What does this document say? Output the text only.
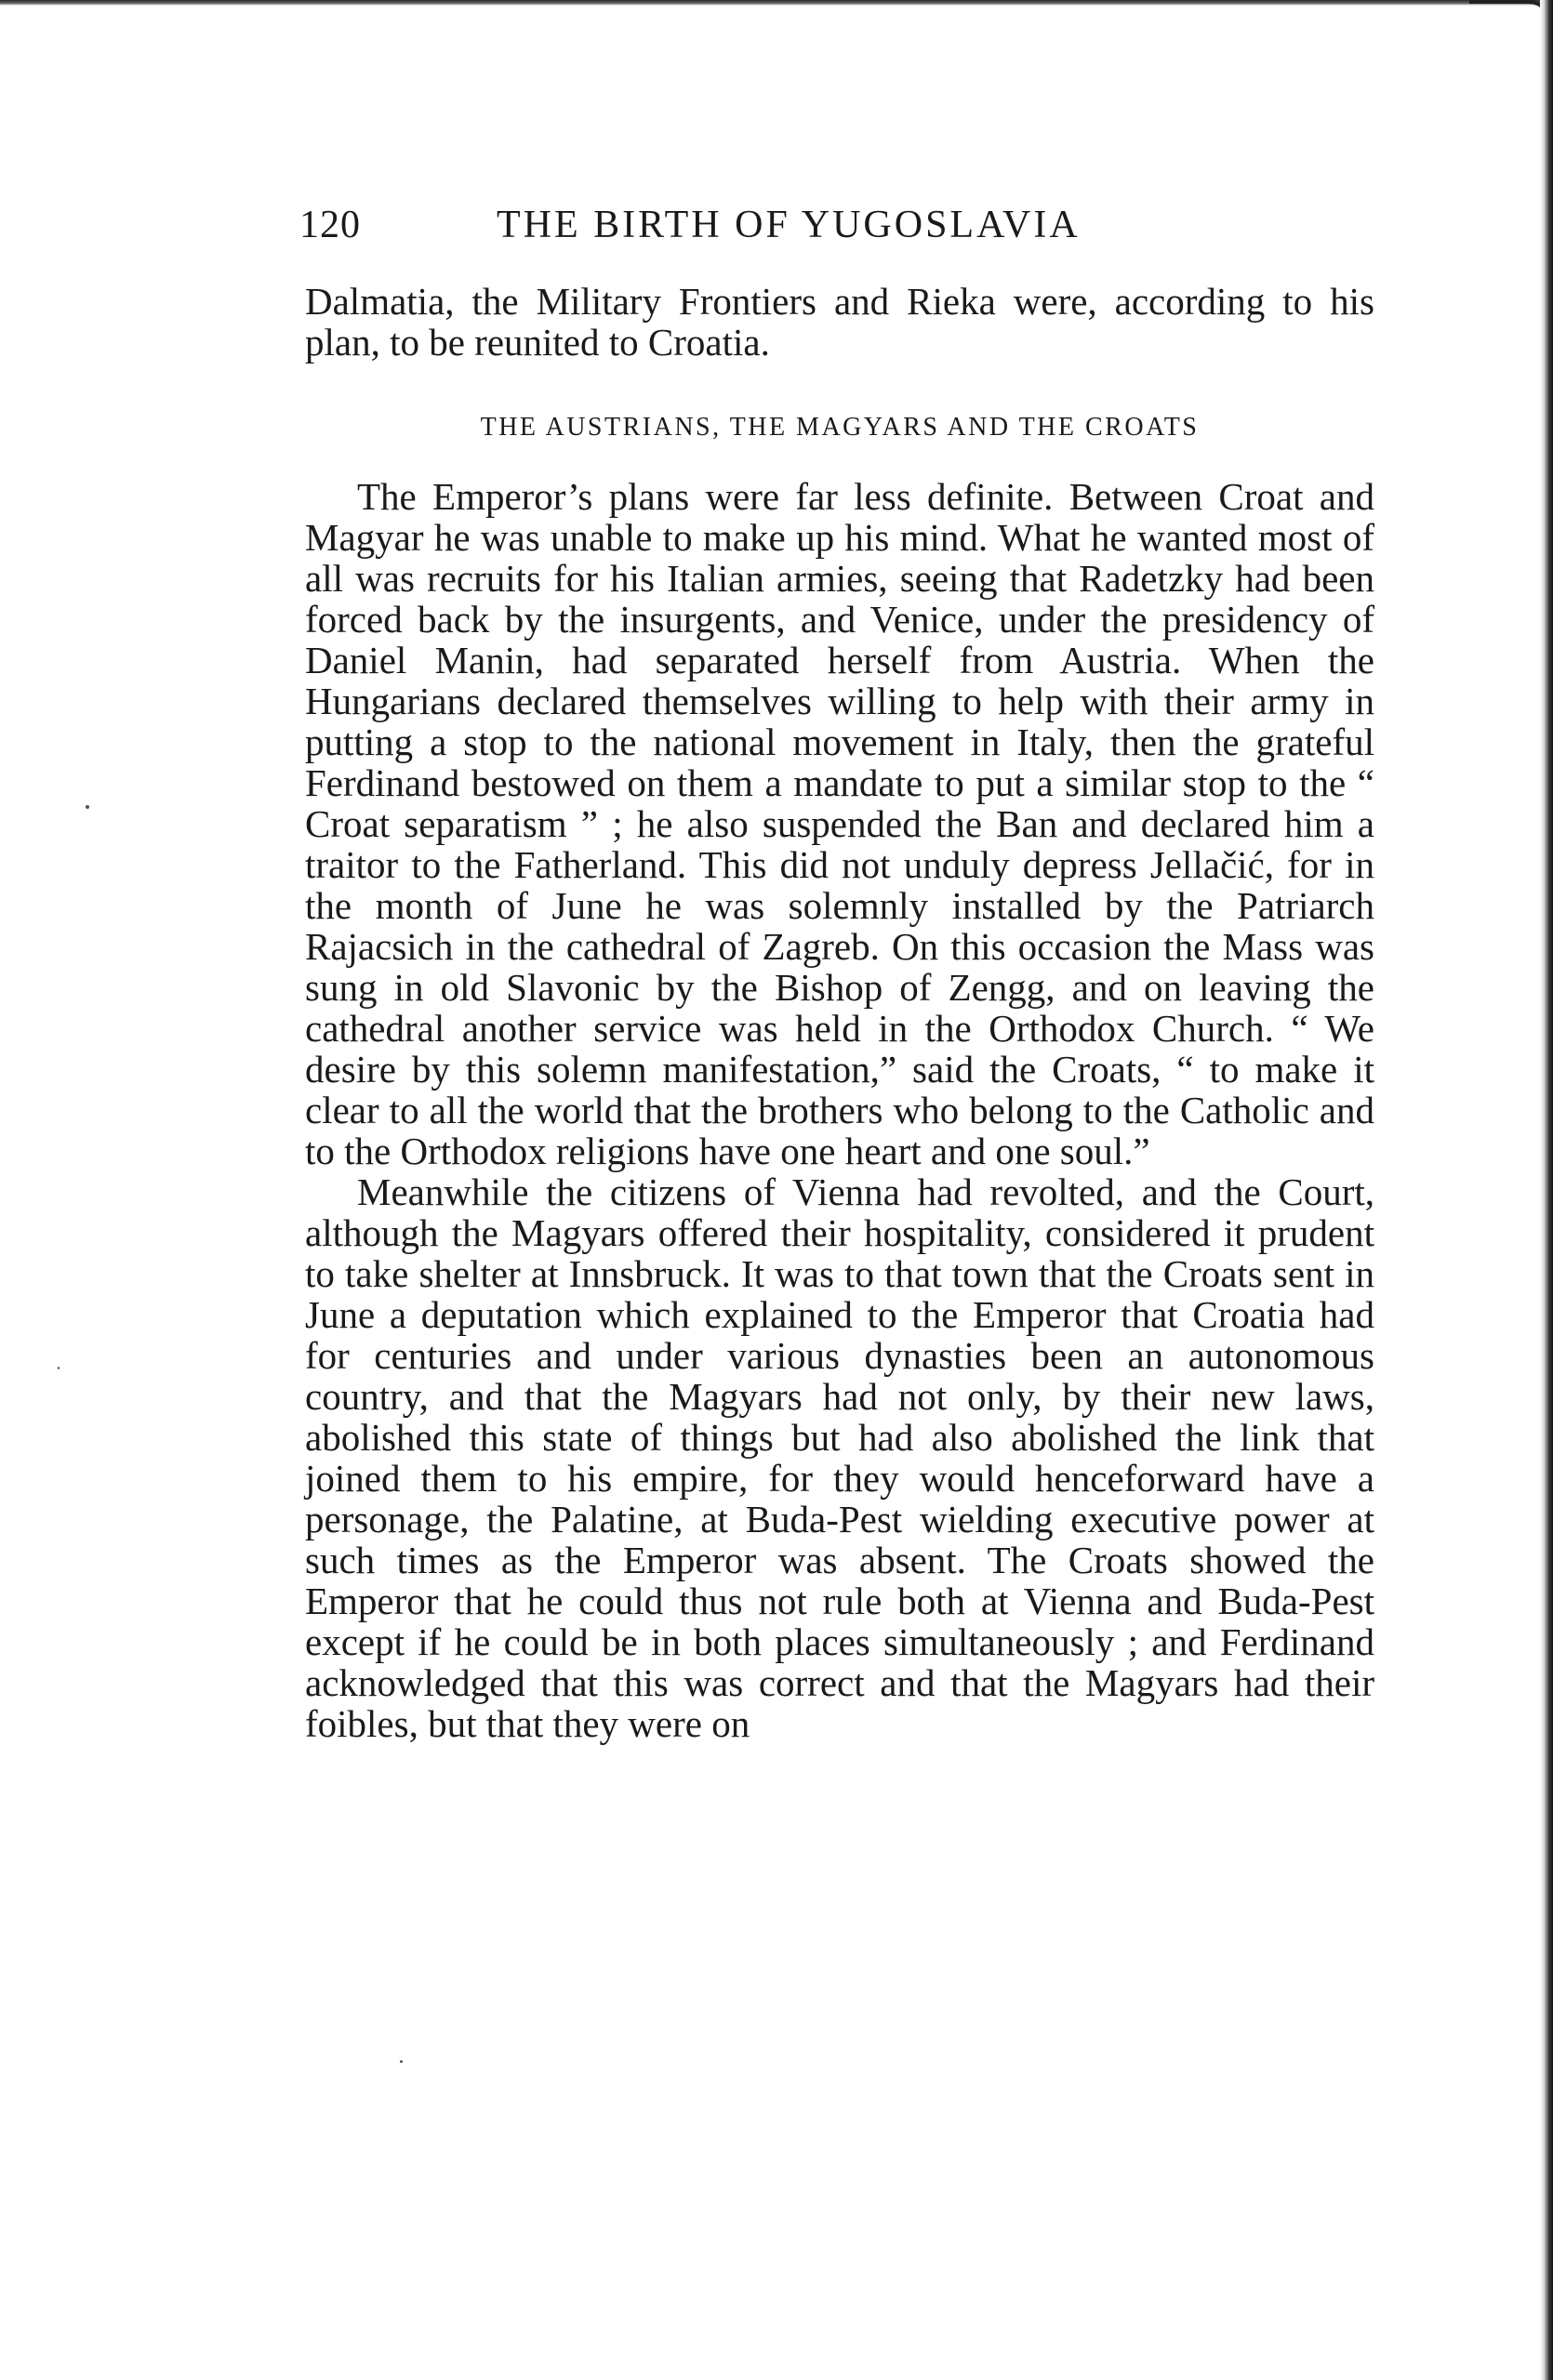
120	THE BIRTH OF YUGOSLAVIA

Dalmatia, the Military Frontiers and Rieka were, according to his plan, to be reunited to Croatia.

THE AUSTRIANS, THE MAGYARS AND THE CROATS

The Emperor’s plans were far less definite. Between Croat and Magyar he was unable to make up his mind. What he wanted most of all was recruits for his Italian armies, seeing that Radetzky had been forced back by the insurgents, and Venice, under the presidency of Daniel Manin, had separated herself from Austria. When the Hungarians declared themselves willing to help with their army in putting a stop to the national movement in Italy, then the grateful Ferdinand bestowed on them a mandate to put a similar stop to the “ Croat separatism ” ; he also suspended the Ban and declared him a traitor to the Fatherland. This did not unduly depress Jellačić, for in the month of June he was solemnly installed by the Patriarch Rajacsich in the cathedral of Zagreb. On this occasion the Mass was sung in old Slavonic by the Bishop of Zengg, and on leaving the cathedral another service was held in the Orthodox Church. “ We desire by this solemn manifestation,” said the Croats, “ to make it clear to all the world that the brothers who belong to the Catholic and to the Orthodox religions have one heart and one soul.”

Meanwhile the citizens of Vienna had revolted, and the Court, although the Magyars offered their hospitality, considered it prudent to take shelter at Innsbruck. It was to that town that the Croats sent in June a deputation which explained to the Emperor that Croatia had for centuries and under various dynasties been an autonomous country, and that the Magyars had not only, by their new laws, abolished this state of things but had also abolished the link that joined them to his empire, for they would henceforward have a personage, the Palatine, at Buda-Pest wielding executive power at such times as the Emperor was absent. The Croats showed the Emperor that he could thus not rule both at Vienna and Buda-Pest except if he could be in both places simultaneously ; and Ferdinand acknowledged that this was correct and that the Magyars had their foibles, but that they were on
